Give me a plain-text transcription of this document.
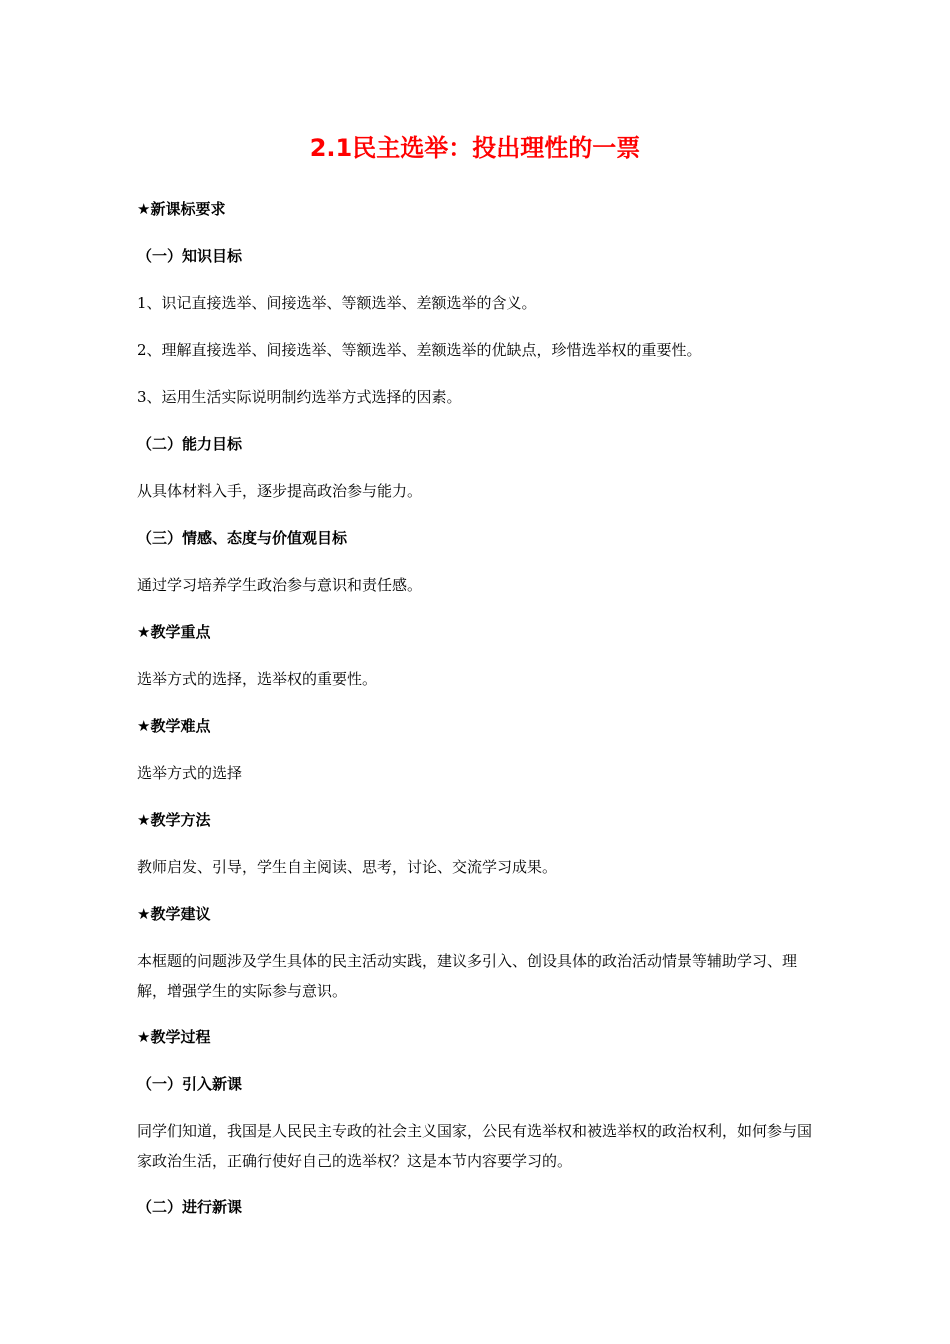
2.1民主选举：投出理性的一票

★新课标要求

（一）知识目标

1、识记直接选举、间接选举、等额选举、差额选举的含义。

2、理解直接选举、间接选举、等额选举、差额选举的优缺点，珍惜选举权的重要性。

3、运用生活实际说明制约选举方式选择的因素。

（二）能力目标

从具体材料入手，逐步提高政治参与能力。

（三）情感、态度与价值观目标

通过学习培养学生政治参与意识和责任感。

★教学重点

选举方式的选择，选举权的重要性。

★教学难点

选举方式的选择

★教学方法

教师启发、引导，学生自主阅读、思考，讨论、交流学习成果。

★教学建议

本框题的问题涉及学生具体的民主活动实践，建议多引入、创设具体的政治活动情景等辅助学习、理解，增强学生的实际参与意识。

★教学过程

（一）引入新课

同学们知道，我国是人民民主专政的社会主义国家，公民有选举权和被选举权的政治权利，如何参与国家政治生活，正确行使好自己的选举权？这是本节内容要学习的。

（二）进行新课
